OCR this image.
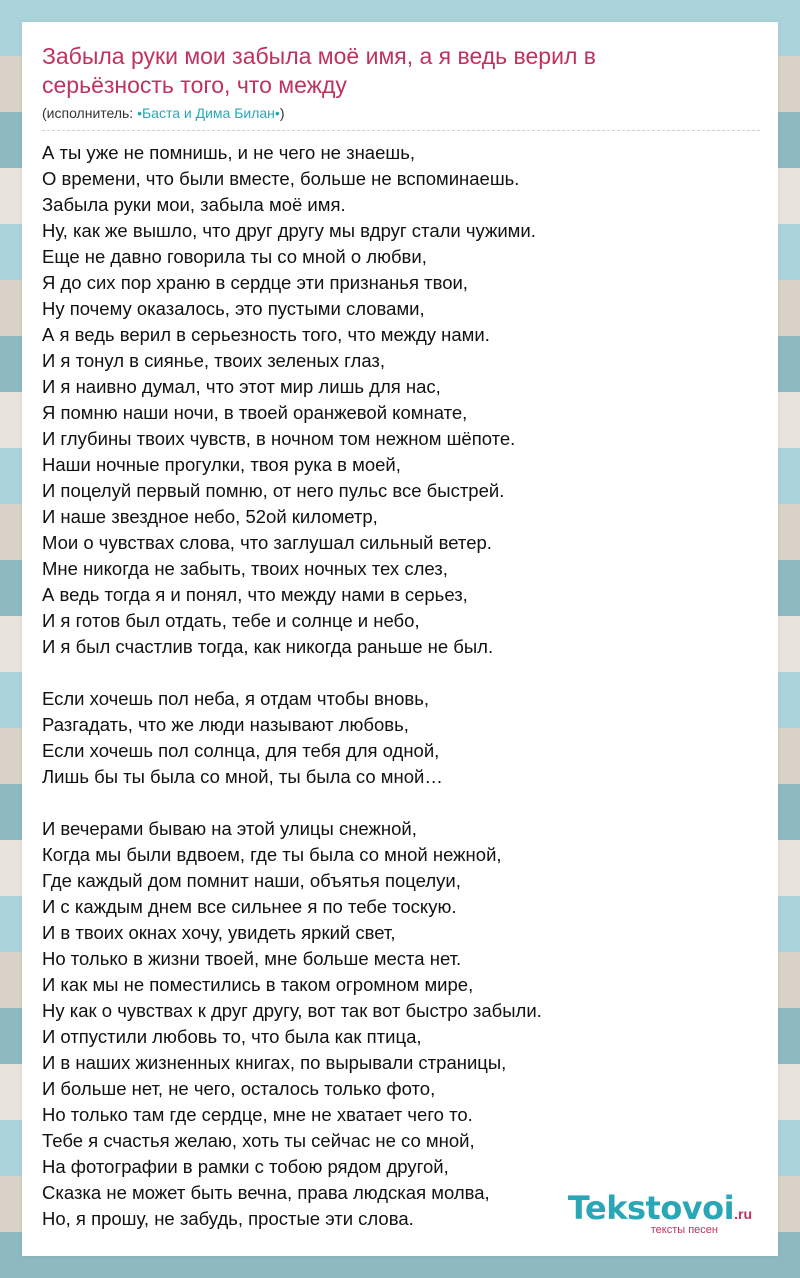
Забыла руки мои забыла моё имя, а я ведь верил в серьёзность того, что между
(исполнитель: •Баста и Дима Билан•)
А ты уже не помнишь, и не чего не знаешь,
О времени, что были вместе, больше не вспоминаешь.
Забыла руки мои, забыла моё имя.
Ну, как же вышло, что друг другу мы вдруг стали чужими.
Еще не давно говорила ты со мной о любви,
Я до сих пор храню в сердце эти признанья твои,
Ну почему оказалось, это пустыми словами,
А я ведь верил в серьезность того, что между нами.
И я тонул в сиянье, твоих зеленых глаз,
И я наивно думал, что этот мир лишь для нас,
Я помню наши ночи, в твоей оранжевой комнате,
И глубины твоих чувств, в ночном том нежном шёпоте.
Наши ночные прогулки, твоя рука в моей,
И поцелуй первый помню, от него пульс все быстрей.
И наше звездное небо, 52ой километр,
Мои о чувствах слова, что заглушал сильный ветер.
Мне никогда не забыть, твоих ночных тех слез,
А ведь тогда я и понял, что между нами в серьез,
И я готов был отдать, тебе и солнце и небо,
И я был счастлив тогда, как никогда раньше не был.
Если хочешь пол неба, я отдам чтобы вновь,
Разгадать, что же люди называют любовь,
Если хочешь пол солнца, для тебя для одной,
Лишь бы ты была со мной, ты была со мной…
И вечерами бываю на этой улицы снежной,
Когда мы были вдвоем, где ты была со мной нежной,
Где каждый дом помнит наши, объятья поцелуи,
И с каждым днем все сильнее я по тебе тоскую.
И в твоих окнах хочу, увидеть яркий свет,
Но только в жизни твоей, мне больше места нет.
И как мы не поместились в таком огромном мире,
Ну как о чувствах к друг другу, вот так вот быстро забыли.
И отпустили любовь то, что была как птица,
И в наших жизненных книгах, по вырывали страницы,
И больше нет, не чего, осталось только фото,
Но только там где сердце, мне не хватает чего то.
Тебе я счастья желаю, хоть ты сейчас не со мной,
На фотографии в рамки с тобою рядом другой,
Сказка не может быть вечна, права людская молва,
Но, я прошу, не забудь, простые эти слова.	Tekstovoi.ru
тексты песен
